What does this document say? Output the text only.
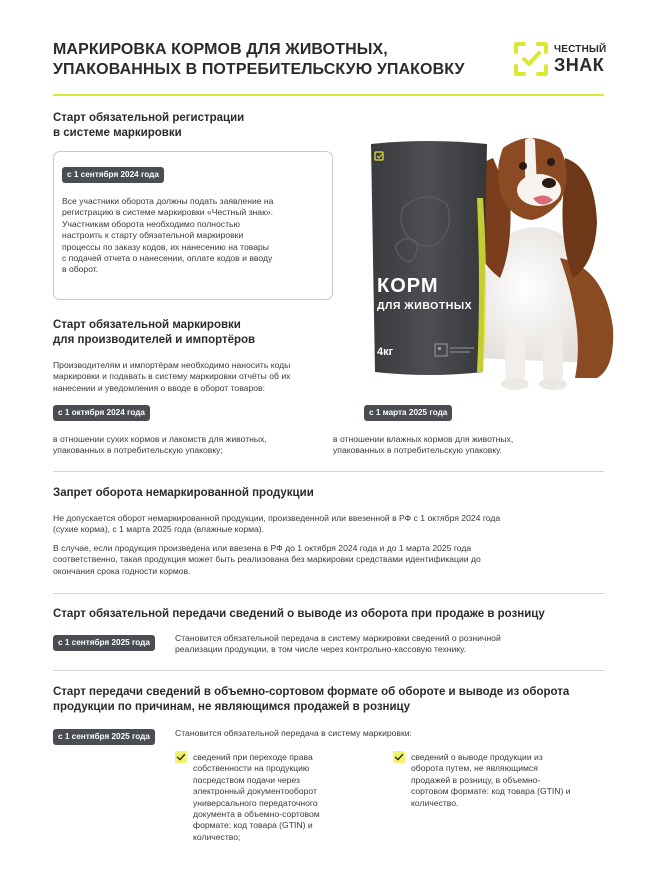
МАРКИРОВКА КОРМОВ ДЛЯ ЖИВОТНЫХ,
УПАКОВАННЫХ В ПОТРЕБИТЕЛЬСКУЮ УПАКОВКУ
ЧЕСТНЫЙ
ЗНАК
Старт обязательной регистрации
в системе маркировки
с 1 сентября 2024 года
Все участники оборота должны подать заявление на
регистрацию в системе маркировки «Честный знак».
Участникам оборота необходимо полностью
настроить к старту обязательной маркировки
процессы по заказу кодов, их нанесению на товары
с подачей отчета о нанесении, оплате кодов и вводу
в оборот.
КОРМ
ДЛЯ ЖИВОТНЫХ
4кг
Старт обязательной маркировки
для производителей и импортёров
Производителям и импортёрам необходимо наносить коды
маркировки и подавать в систему маркировки отчёты об их
нанесении и уведомления о вводе в оборот товаров:
с 1 октября 2024 года
в отношении сухих кормов и лакомств для животных,
упакованных в потребительскую упаковку;
с 1 марта 2025 года
в отношении влажных кормов для животных,
упакованных в потребительскую упаковку.
Запрет оборота немаркированной продукции
Не допускается оборот немаркированной продукции, произведенной или ввезенной в РФ с 1 октября 2024 года
(сухие корма), с 1 марта 2025 года (влажные корма).
В случае, если продукция произведена или ввезена в РФ до 1 октября 2024 года и до 1 марта 2025 года
соответственно, такая продукция может быть реализована без маркировки средствами идентификации до
окончания срока годности кормов.
Старт обязательной передачи сведений о выводе из оборота при продаже в розницу
с 1 сентября 2025 года	Становится обязательной передача в систему маркировки сведений о розничной
реализации продукции, в том числе через контрольно-кассовую технику.
Старт передачи сведений в объемно-сортовом формате об обороте и выводе из оборота
продукции по причинам, не являющимся продажей в розницу
с 1 сентября 2025 года	Становится обязательной передача в систему маркировки:
сведений при переходе права
собственности на продукцию
посредством подачи через
электронный документооборот
универсального передаточного
документа в объемно-сортовом
формате: код товара (GTIN) и
количество;
сведений о выводе продукции из
оборота путем, не являющимся
продажей в розницу, в объемно-
сортовом формате: код товара (GTIN) и
количество.
